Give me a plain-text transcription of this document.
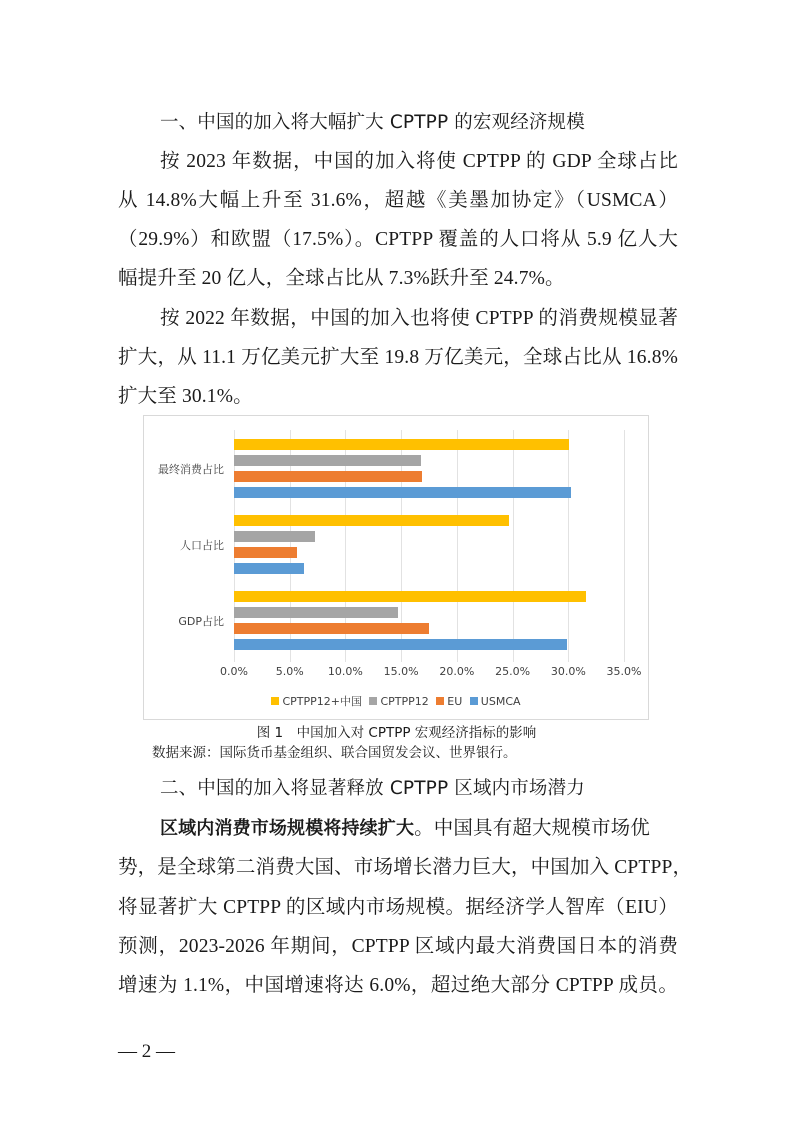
一、中国的加入将大幅扩大 CPTPP 的宏观经济规模
按 2023 年数据，中国的加入将使 CPTPP 的 GDP 全球占比
从 14.8%大幅上升至 31.6%，超越《美墨加协定》（USMCA）
（29.9%）和欧盟（17.5%）。CPTPP 覆盖的人口将从 5.9 亿人大
幅提升至 20 亿人，全球占比从 7.3%跃升至 24.7%。
按 2022 年数据，中国的加入也将使 CPTPP 的消费规模显著
扩大，从 11.1 万亿美元扩大至 19.8 万亿美元，全球占比从 16.8%
扩大至 30.1%。
最终消费占比
人口占比
GDP占比
0.0%	5.0% 10.0% 15.0% 20.0% 25.0% 30.0% 35.0%
CPTPP12+中国 CPTPP12 EU USMCA
图 1　中国加入对 CPTPP 宏观经济指标的影响
数据来源：国际货币基金组织、联合国贸发会议、世界银行。
二、中国的加入将显著释放 CPTPP 区域内市场潜力
区域内消费市场规模将持续扩大。中国具有超大规模市场优
势，是全球第二消费大国、市场增长潜力巨大，中国加入 CPTPP，
将显著扩大 CPTPP 的区域内市场规模。据经济学人智库（EIU）
预测，2023-2026 年期间，CPTPP 区域内最大消费国日本的消费
增速为 1.1%，中国增速将达 6.0%，超过绝大部分 CPTPP 成员。
— 2 —
